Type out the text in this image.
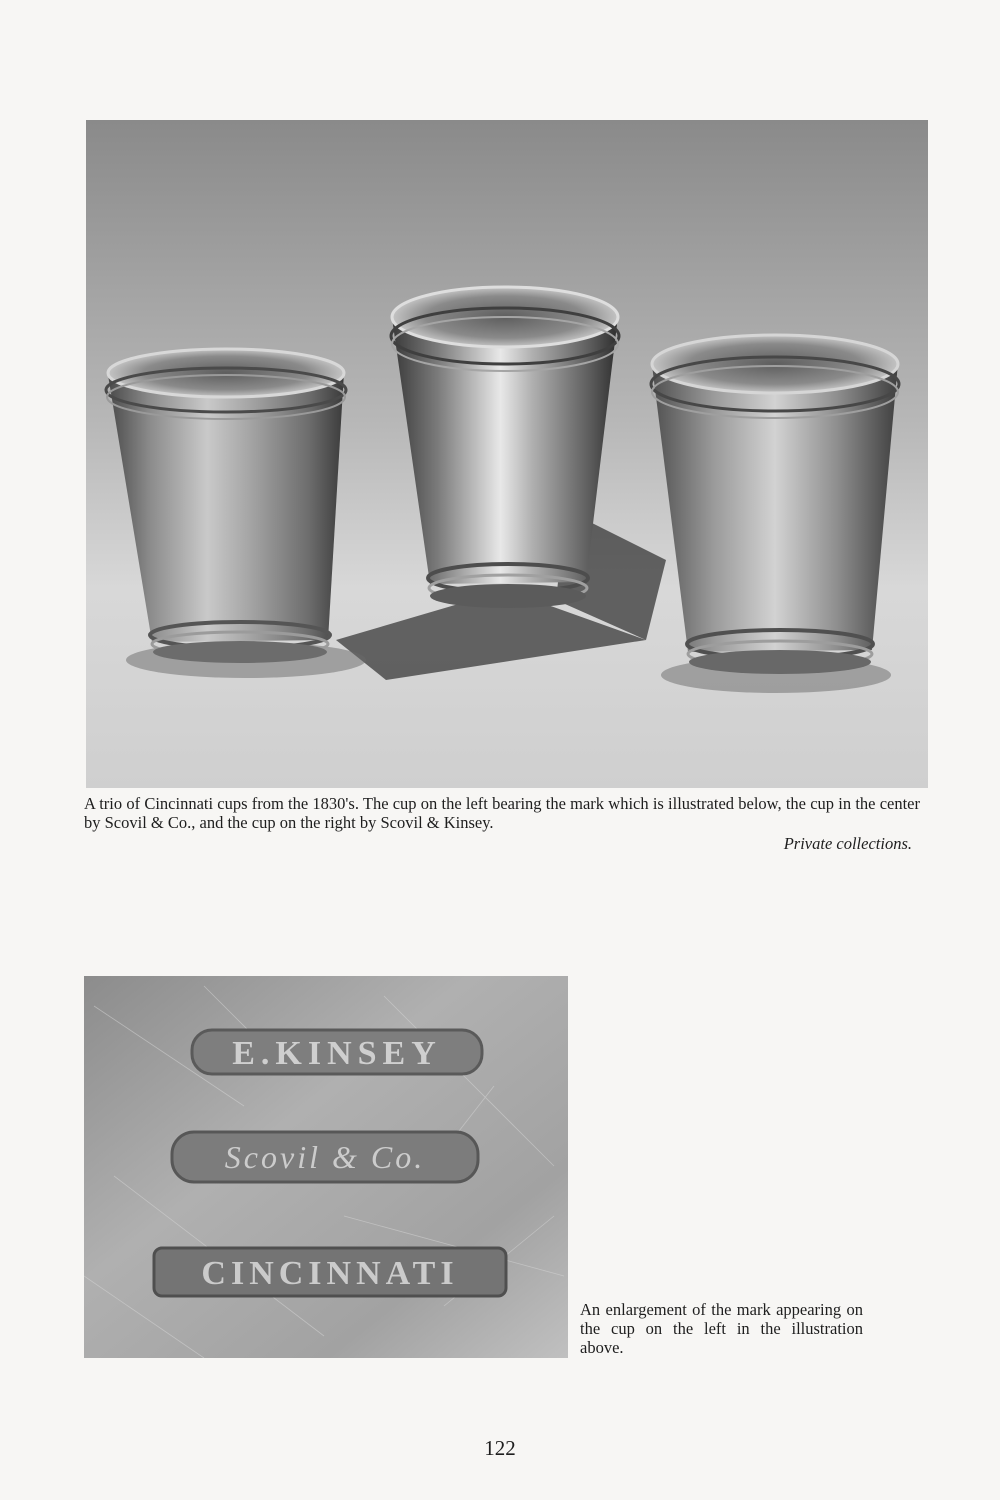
A trio of Cincinnati cups from the 1830's. The cup on the left bearing the mark which is illustrated below, the cup in the center by Scovil & Co., and the cup on the right by Scovil & Kinsey.
Private collections.
E.KINSEY
Scovil & Co.
CINCINNATI
An enlargement of the mark appearing on the cup on the left in the illustration above.
122
